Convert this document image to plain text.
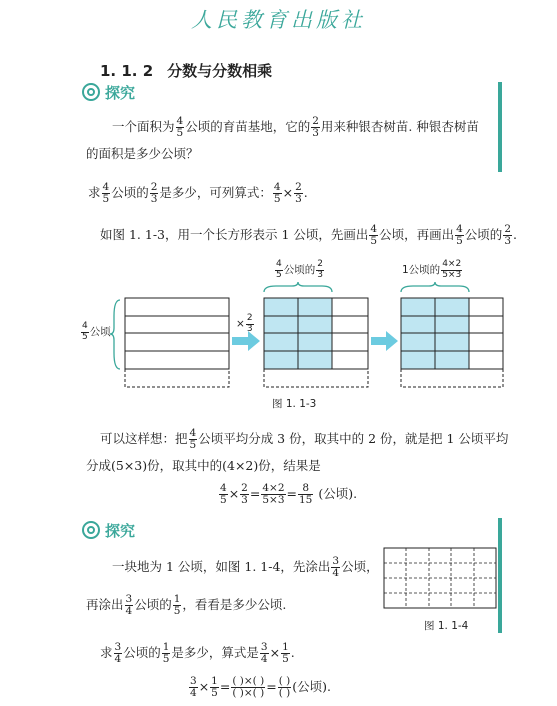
人民教育出版社
1. 1. 2 分数与分数相乘
探究
一个面积为 $\frac{4}{5}$ 公顷的育苗基地，它的 $\frac{2}{3}$ 用来种银杏树苗. 种银杏树苗
的面积是多少公顷？
求 $\frac{4}{5}$ 公顷的 $\frac{2}{3}$ 是多少，可列算式： $\frac{4}{5} \times \frac{2}{3}$ .
如图 1. 1-3，用一个长方形表示 1 公顷，先画出 $\frac{4}{5}$ 公顷，再画出 $\frac{4}{5}$ 公顷的 $\frac{2}{3}$ .
$\frac{4}{5}$ 公顷的 $\frac{2}{3}$	1公顷的 $\frac{4\times 2}{5\times 3}$
$\frac{4}{5}$ 公顷
× $\frac{2}{3}$
图 1. 1-3
可以这样想：把 $\frac{4}{5}$ 公顷平均分成 3 份，取其中的 2 份，就是把 1 公顷平均
分成(5×3)份，取其中的(4×2)份，结果是
$\frac{4}{5} \times \frac{2}{3} = \frac{4\times 2}{5\times 3} = \frac{8}{15}$ (公顷).
探究
一块地为 1 公顷，如图 1. 1-4，先涂出 $\frac{3}{4}$ 公顷，
再涂出 $\frac{3}{4}$ 公顷的 $\frac{1}{5}$ ，看看是多少公顷.
图 1. 1-4
求 $\frac{3}{4}$ 公顷的 $\frac{1}{5}$ 是多少，算式是 $\frac{3}{4} \times \frac{1}{5}$ .
$\frac{3}{4} \times \frac{1}{5} = \frac{( )\times( )}{( )\times( )} = \frac{( )}{( )}$ (公顷).
